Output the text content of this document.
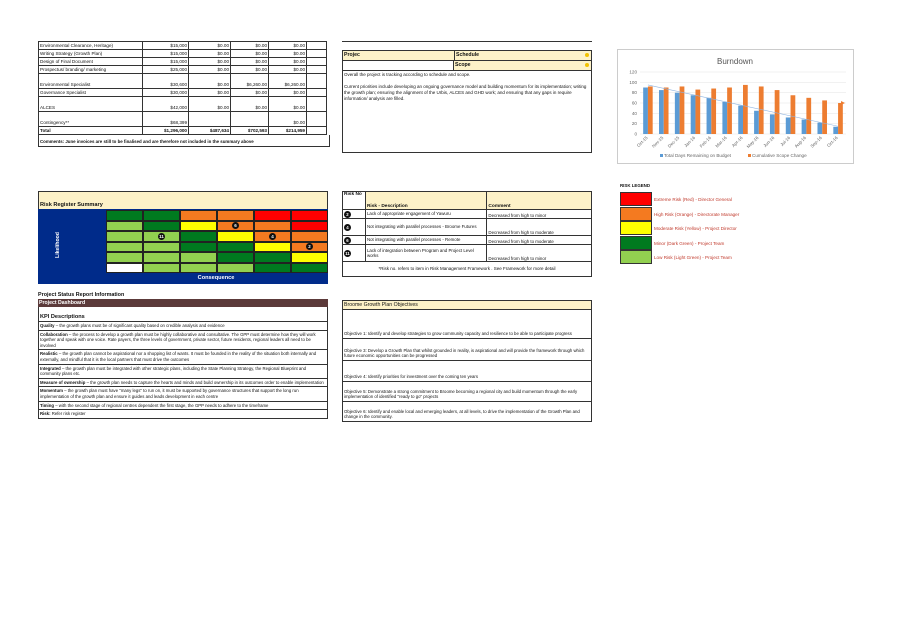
Environmental Clearance, Heritage)	$15,000	$0.00	$0.00	$0.00	
Writing Strategy (Growth Plan)	$15,000	$0.00	$0.00	$0.00	
Design of Final Document	$15,000	$0.00	$0.00	$0.00	
Prospectus/ branding/ marketing	$25,000	$0.00	$0.00	$0.00	
Environmental Specialist	$30,600	$0.00	$6,260.00	$6,260.00	
Governance Specialist	$30,000	$0.00	$0.00	$0.00	
ALCES	$42,000	$0.00	$0.00	$0.00	
Contingency**	$68,399			$0.00	
Total	$1,296,000	$487,634	$702,593	$214,959	
Comments: June invoices are still to be finalised and are therefore not included in the summary above
Projec	Schedule
Scope
Overall the project is tracking according to schedule and scope.
Current priorities include developing an ongoing governance model and building momentum for its implementation; writing the growth plan; ensuring the alignment of the Urbis, ALCES and GHD work; and ensuring that any gaps in require information/ analysis are filled.
Burndown
0
20
40
60
80
100
120
Oct-15 Nov-15 Dec-15 Jan-16 Feb-16 Mar-16 Apr-16 May-16 Jun-16 Jul-16 Aug-16 Sep-16 Oct-16
Total Days Remaining on Budget	Cumulative Scope Change
RISK LEGEND
Extreme Risk (Red) - Director General
High Risk (Orange) - Directorate Manager
Moderate Risk (Yellow) - Project Director
Minor (Dark Green) - Project Team
Low Risk (Light Green) - Project Team
Risk Register Summary
Likelihood
Consequence
6
11	4
2
Risk No	Risk - Description	Comment
2	Lack of appropriate engagement of Yawuru	Decreased from high to minor
4	Not integrating with parallel processes - Broome Futures	Decreased from high to moderate
6	Not integrating with parallel processes - Remote	Decreased from high to moderate
11	Lack of integration between Program and Project Level works	Decreased from high to minor
*Risk no. refers to item in Risk Management Framework . See Framework for more detail
Project Status Report Information
Project Dashboard
KPI Descriptions

Quality – the growth plans must be of significant quality based on credible analysis and evidence

Collaboration – the process to develop a growth plan must be highly collaborative and consultative. The GPP must determine how they will work together and speak with one voice. Rate payers, the three levels of government, private sector, future residents, regional leaders all need to be involved

Realistic – the growth plan cannot be aspirational nor a shopping list of wants. It must be founded in the reality of the situation both internally and externally, and mindful that it is the local partners that must drive the outcomes

Integrated – the growth plan must be integrated with other strategic plans, including the State Planning Strategy, the Regional Blueprint and community plans etc.

Measure of ownership – the growth plan needs to capture the hearts and minds and build ownership in its outcomes order to enable implementation

Momentum – the growth plan must have "many legs" to run on, it must be supported by governance structures that support the long run implementation of the growth plan and ensure it guides and leads development in each centre

Timing – with the second stage of regional centres dependent the first stage, the GPP needs to adhere to the timeframe

Risk: Refer risk register

Broome Growth Plan Objectives
Objective 1: Identify and develop strategies to grow community capacity and resilience to be able to participate progress
Objective 3: Develop a Growth Plan that whilst grounded in reality, is aspirational and will provide the framework through which future economic opportunities can be progressed
Objective 4: Identify priorities for investment over the coming ten years
Objective 5: Demonstrate a strong commitment to Broome becoming a regional city and build momentum through the early implementation of identified "ready to go" projects
Objective 6: Identify and enable local and emerging leaders, at all levels, to drive the implementation of the Growth Plan and change in the community.
